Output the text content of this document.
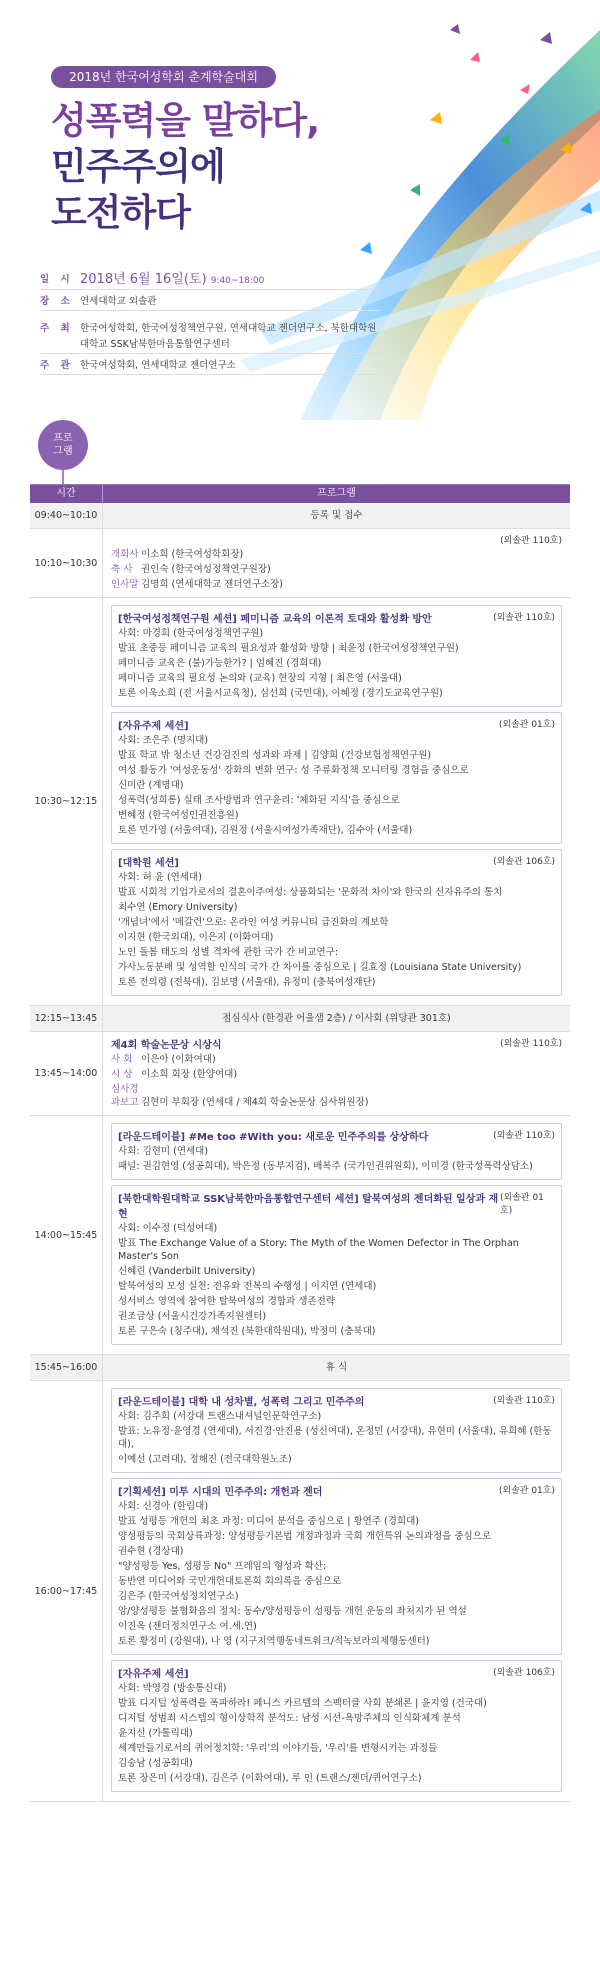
2018년 한국여성학회 춘계학술대회
성폭력을 말하다,
민주주의에
도전하다
일 시 2018년 6월 16일(토) 9:40~18:00
장 소 연세대학교 외솔관
주 최 한국여성학회, 한국여성정책연구원, 연세대학교 젠더연구소, 북한대학원대학교 SSK남북한마음통합연구센터
주 관 한국여성학회, 연세대학교 젠더연구소
프로
그램
시간	프로그램
09:40~10:10	등록 및 접수
10:10~10:30
(외솔관 110호)
개회사 이소희 (한국여성학회장)
축 사 권인숙 (한국여성정책연구원장)
인사말 김명희 (연세대학교 젠더연구소장)
10:30~12:15
[한국여성정책연구원 세션] 페미니즘 교육의 이론적 토대와 활성화 방안	(외솔관 110호)
사회: 마경희 (한국여성정책연구원)
발표 초중등 페미니즘 교육의 필요성과 활성화 방향 | 최윤정 (한국여성정책연구원)
페미니즘 교육은 (불)가능한가? | 엄혜진 (경희대)
페미니즘 교육의 필요성 논의와 (교육) 현장의 지형 | 최은영 (서울대)
토론 이욱소희 (전 서울시교육청), 심선희 (국민대), 이혜정 (경기도교육연구원)
[자유주제 세션]	(외솔관 01호)
사회: 조은주 (명지대)
발표 학교 밖 청소년 건강검진의 성과와 과제 | 김양희 (건강보험정책연구원)
여성 활동가 '여성운동성' 강화의 변화 연구: 성 주류화정책 모니터링 경험을 중심으로
신미란 (계명대)
성폭력(성희롱) 실태 조사방법과 연구윤리: '체화된 지식'을 중심으로
변혜정 (한국여성인권진흥원)
토론 민가영 (서울여대), 김원정 (서울시여성가족재단), 김수아 (서울대)
[대학원 세션]	(외솔관 106호)
사회: 허 윤 (연세대)
발표 시회적 기업가로서의 결혼이주여성: 상품화되는 '문화적 차이'와 한국의 신자유주의 통치
최수연 (Emory University)
'개념녀'에서 '메갈련'으로: 온라인 여성 커뮤니티 급진화의 계보학
이지현 (한국외대), 이은지 (이화여대)
노인 돌봄 태도의 성별 격차에 관한 국가 간 비교연구:
가사노동분배 및 성역할 인식의 국가 간 차이를 중심으로 | 길효정 (Louisiana State University)
토론 전의령 (전북대), 김보명 (서울대), 유정미 (충북여성재단)
12:15~13:45	점심식사 (한경관 어울샘 2층) / 이사회 (위당관 301호)
13:45~14:00
제4회 학술논문상 시상식	(외솔관 110호)
사 회 이은아 (이화여대)
시 상 이소희 회장 (한양여대)
심사경과보고 김현미 부회장 (연세대 / 제4회 학술논문상 심사위원장)
14:00~15:45
[라운드테이블] #Me too #With you: 새로운 민주주의를 상상하다	(외솔관 110호)
사회: 김현미 (연세대)
패널: 권김현영 (성공회대), 박은정 (동부지검), 배복주 (국가인권위원회), 이미경 (한국성폭력상담소)
[북한대학원대학교 SSK남북한마음통합연구센터 세션] 탈북여성의 젠더화된 일상과 재현
(외솔관 01호)
사회: 이수정 (덕성여대)
발표 The Exchange Value of a Story: The Myth of the Women Defector in The Orphan Master's Son
신혜린 (Vanderbilt University)
탈북여성의 모성 실천: 전유와 전복의 수행성 | 이지연 (연세대)
성서비스 영역에 참여한 탈북여성의 경합과 생존전략
권조금상 (서울시건강가족지원센터)
토론 구은숙 (칭주대), 채석진 (북한대학원대), 박정미 (충북대)
15:45~16:00	휴 식
16:00~17:45
[라운드테이블] 대학 내 성차별, 성폭력 그리고 민주주의	(외솔관 110호)
사회: 김주희 (서강대 트랜스내셔널인문학연구소)
발표: 노유정·윤영경 (연세대), 서진경·안진용 (성신여대), 온정민 (서강대), 유현미 (서울대), 유희혜 (한동대),
이예선 (고려대), 정해진 (전국대학원노조)
[기획세션] 미투 시대의 민주주의: 개헌과 젠더	(외솔관 01호)
사회: 신경아 (한림대)
발표 성평등 개헌의 최초 과정: 미디어 분석을 중심으로 | 황연주 (경희대)
양성평등의 국회상륙과정: 양성평등기본법 개정과정과 국회 개헌특위 논의과정을 중심으로
권수현 (경상대)
"양성평등 Yes, 성평등 No" 프레임의 형성과 확산:
동반연 미디어와 국민개헌대토론회 회의록을 중심으로
김은주 (한국여성정치연구소)
앙/양성평등 불협화음의 정치: 동수/양성평등이 성평등 개헌 운동의 좌처지가 된 역설
이진옥 (젠더정치연구소 여.세.연)
토론 황정미 (강원대), 나 영 (지구지역행동네트워크/적녹보라의제행동센터)
[자유주제 세션]	(외솔관 106호)
사회: 박영경 (방송통신대)
발표 디지털 성폭력을 폭파하라! 페니스 카르텔의 스펙터클 사회 분쇄론 | 윤지영 (건국대)
디지털 성범죄 시스템의 형이상학적 분석도: 남성 시선-욕망주체의 인식화체계 분석
윤지선 (가톨릭대)
세계만들기로서의 퀴어정치학: '우리'의 이야기들, '우리'를 변형시키는 과정들
김숭남 (성공회대)
토론 장은미 (서강대), 김은주 (이화여대), 루 인 (트랜스/젠더/퀴어연구소)
